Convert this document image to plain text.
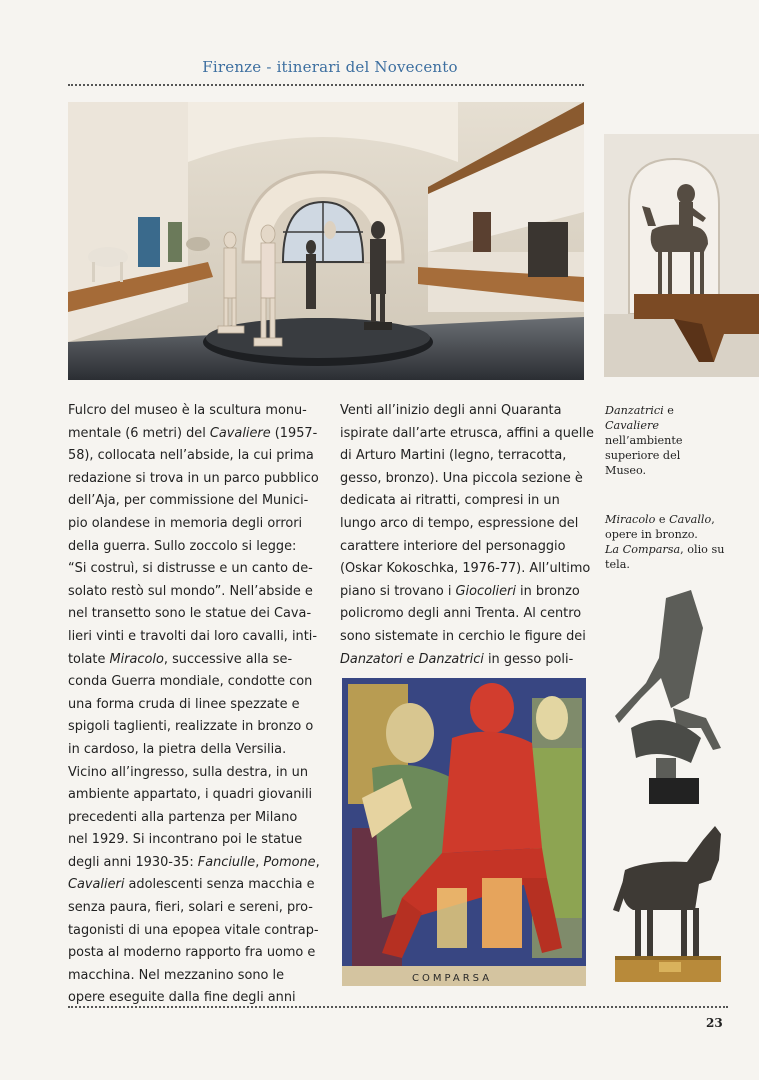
Firenze - itinerari del Novecento
COMPARSA
Fulcro del museo è la scultura monu-
mentale (6 metri) del Cavaliere (1957-
58), collocata nell’abside, la cui prima
redazione si trova in un parco pubblico
dell’Aja, per commissione del Munici-
pio olandese in memoria degli orrori
della guerra. Sullo zoccolo si legge:
“Si costruì, si distrusse e un canto de-
solato restò sul mondo”. Nell’abside e
nel transetto sono le statue dei Cava-
lieri vinti e travolti dai loro cavalli, inti-
tolate Miracolo, successive alla se-
conda Guerra mondiale, condotte con
una forma cruda di linee spezzate e
spigoli taglienti, realizzate in bronzo o
in cardoso, la pietra della Versilia.
Vicino all’ingresso, sulla destra, in un
ambiente appartato, i quadri giovanili
precedenti alla partenza per Milano
nel 1929. Si incontrano poi le statue
degli anni 1930-35: Fanciulle, Pomone,
Cavalieri adolescenti senza macchia e
senza paura, fieri, solari e sereni, pro-
tagonisti di una epopea vitale contrap-
posta al moderno rapporto fra uomo e
macchina. Nel mezzanino sono le
opere eseguite dalla fine degli anni
Venti all’inizio degli anni Quaranta
ispirate dall’arte etrusca, affini a quelle
di Arturo Martini (legno, terracotta,
gesso, bronzo). Una piccola sezione è
dedicata ai ritratti, compresi in un
lungo arco di tempo, espressione del
carattere interiore del personaggio
(Oskar Kokoschka, 1976-77). All’ultimo
piano si trovano i Giocolieri in bronzo
policromo degli anni Trenta. Al centro
sono sistemate in cerchio le figure dei
Danzatori e Danzatrici in gesso poli-
Danzatrici e
Cavaliere
nell’ambiente
superiore del
Museo.
Miracolo e Cavallo,
opere in bronzo.
La Comparsa, olio su
tela.
23
